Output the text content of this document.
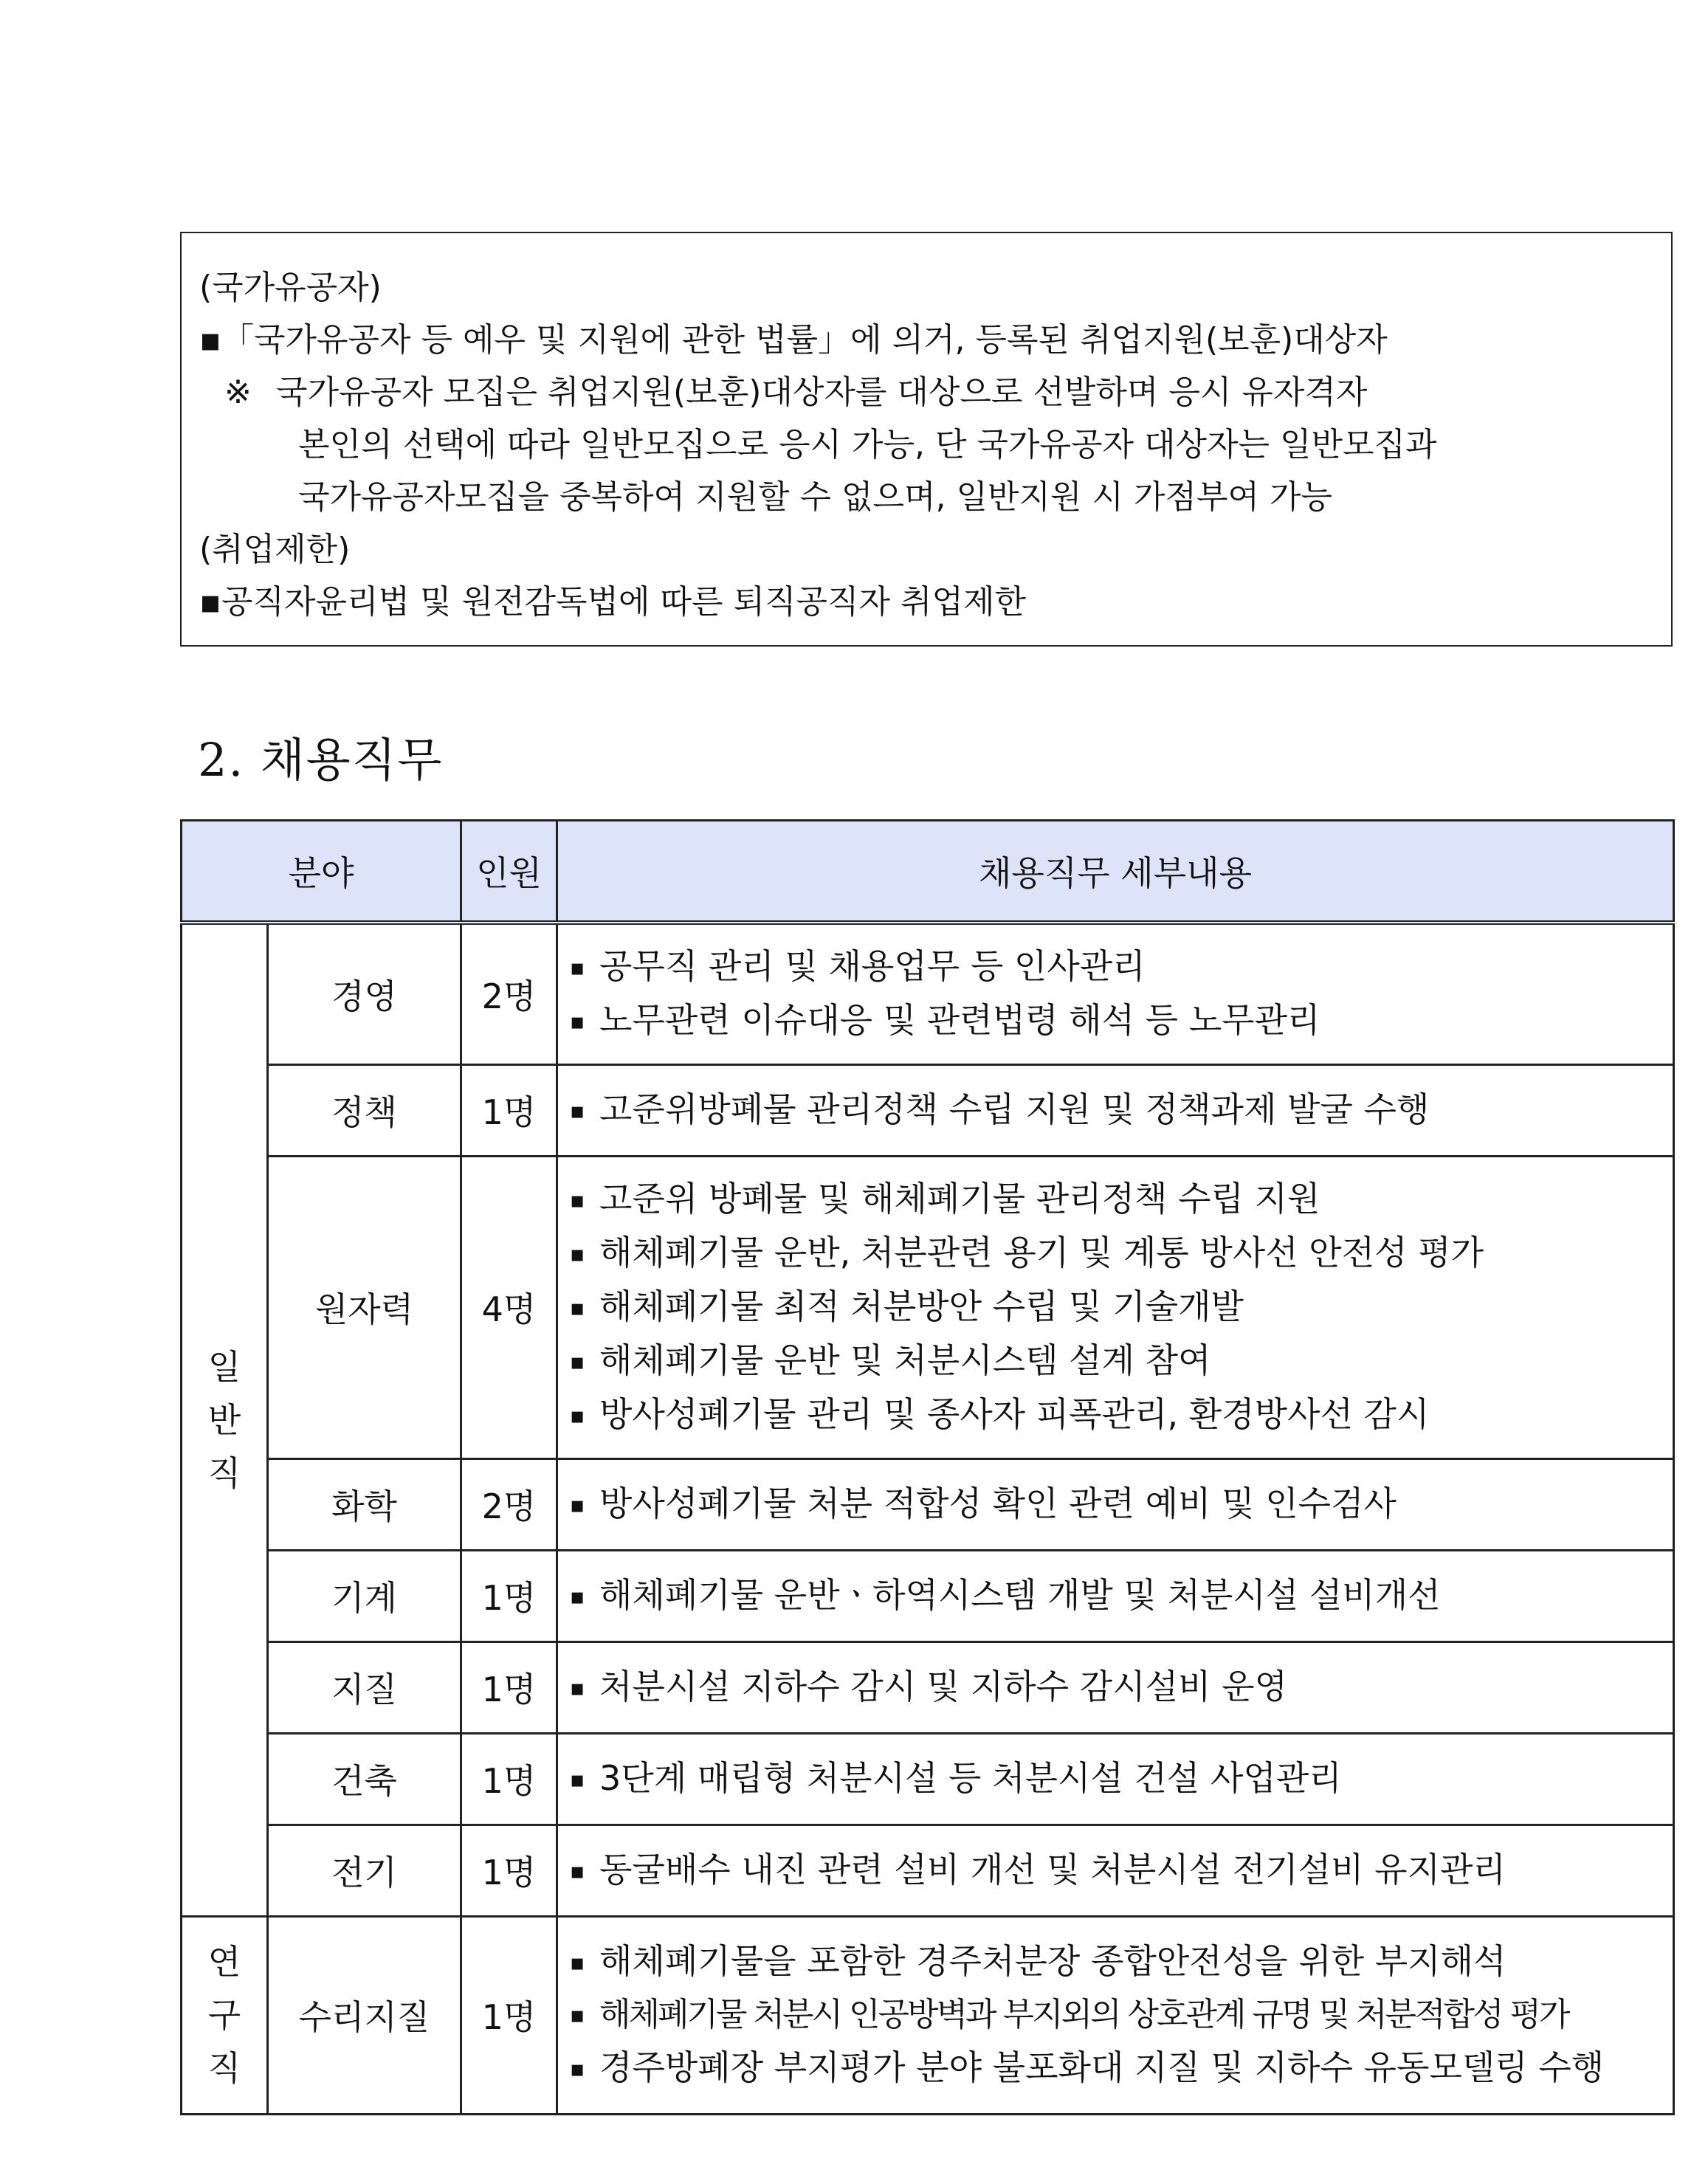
(국가유공자)
▪「국가유공자 등 예우 및 지원에 관한 법률」에 의거, 등록된 취업지원(보훈)대상자
※ 국가유공자 모집은 취업지원(보훈)대상자를 대상으로 선발하며 응시 유자격자
본인의 선택에 따라 일반모집으로 응시 가능, 단 국가유공자 대상자는 일반모집과
국가유공자모집을 중복하여 지원할 수 없으며, 일반지원 시 가점부여 가능
(취업제한)
▪공직자윤리법 및 원전감독법에 따른 퇴직공직자 취업제한
2. 채용직무
분야		인원	채용직무 세부내용
일반직	경영	2명	▪ 공무직 관리 및 채용업무 등 인사관리
▪ 노무관련 이슈대응 및 관련법령 해석 등 노무관리

	정책	1명	▪ 고준위방폐물 관리정책 수립 지원 및 정책과제 발굴 수행

	원자력	4명	▪ 고준위 방폐물 및 해체폐기물 관리정책 수립 지원
▪ 해체폐기물 운반, 처분관련 용기 및 계통 방사선 안전성 평가
▪ 해체폐기물 최적 처분방안 수립 및 기술개발
▪ 해체폐기물 운반 및 처분시스템 설계 참여
▪ 방사성폐기물 관리 및 종사자 피폭관리, 환경방사선 감시

	화학	2명	▪ 방사성폐기물 처분 적합성 확인 관련 예비 및 인수검사

	기계	1명	▪ 해체폐기물 운반ㆍ하역시스템 개발 및 처분시설 설비개선

	지질	1명	▪ 처분시설 지하수 감시 및 지하수 감시설비 운영

	건축	1명	▪ 3단계 매립형 처분시설 등 처분시설 건설 사업관리

	전기	1명	▪ 동굴배수 내진 관련 설비 개선 및 처분시설 전기설비 유지관리

연구직	수리지질	1명	▪ 해체폐기물을 포함한 경주처분장 종합안전성을 위한 부지해석
▪ 해체폐기물 처분시 인공방벽과 부지외의 상호관계 규명 및 처분적합성 평가
▪ 경주방폐장 부지평가 분야 불포화대 지질 및 지하수 유동모델링 수행
